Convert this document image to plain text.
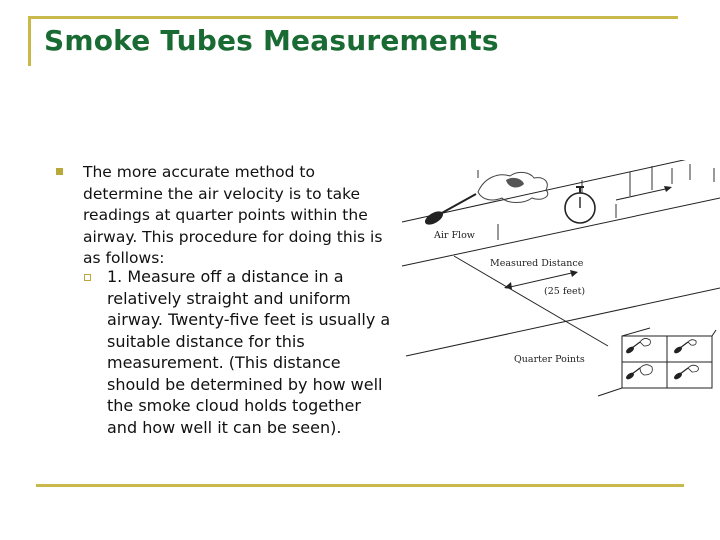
Smoke Tubes Measurements

The more accurate method to determine the air velocity is to take readings at quarter points within the airway. This procedure for doing this is as follows:

1. Measure off a distance in a relatively straight and uniform airway. Twenty-five feet is usually a suitable distance for this measurement. (This distance should be determined by how well the smoke cloud holds together and how well it can be seen).

Air Flow
Measured Distance
(25 feet)
Quarter Points
